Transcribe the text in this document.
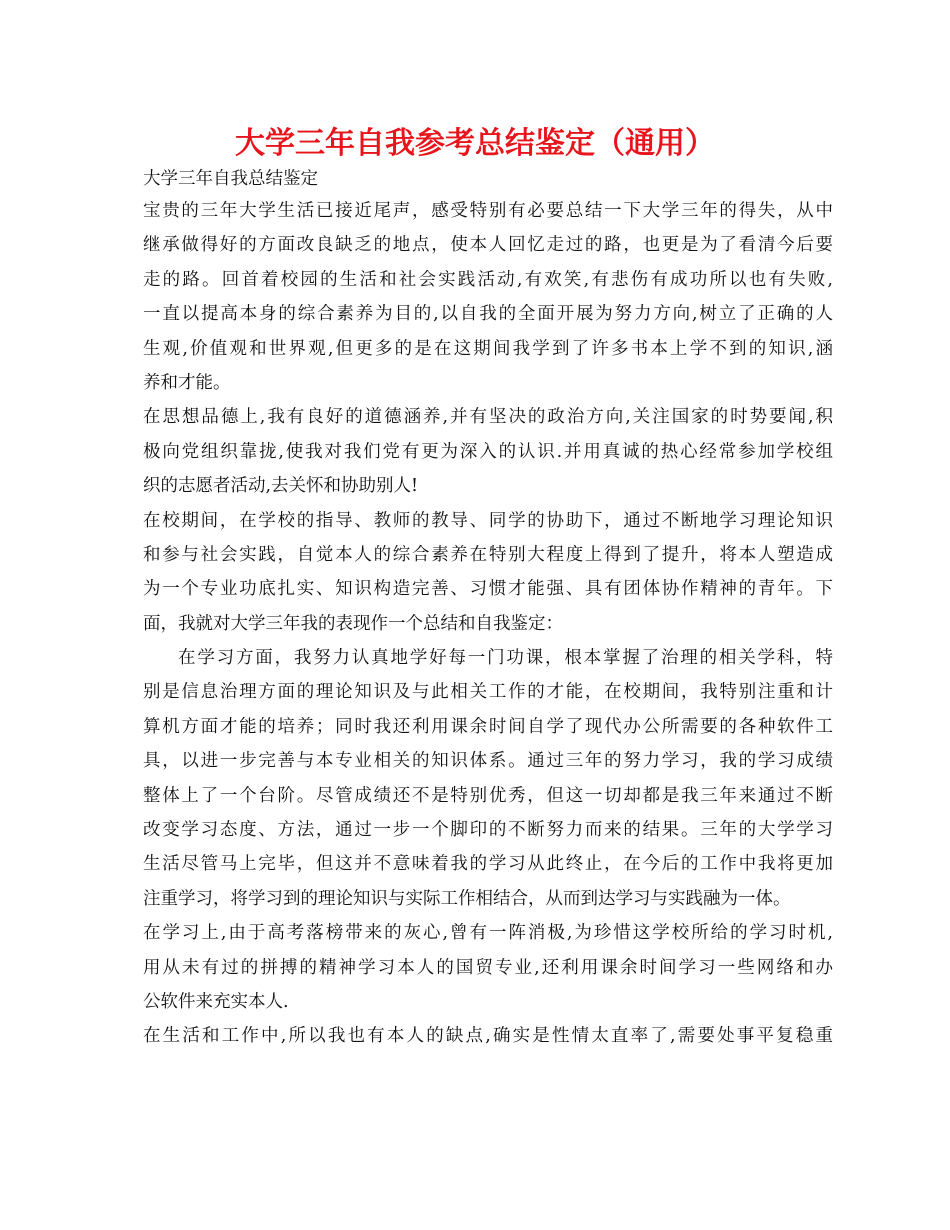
大学三年自我参考总结鉴定（通用）

大学三年自我总结鉴定

宝贵的三年大学生活已接近尾声，感受特别有必要总结一下大学三年的得失，从中
继承做得好的方面改良缺乏的地点，使本人回忆走过的路，也更是为了看清今后要
走的路。回首着校园的生活和社会实践活动,有欢笑,有悲伤有成功所以也有失败,
一直以提高本身的综合素养为目的,以自我的全面开展为努力方向,树立了正确的人
生观,价值观和世界观,但更多的是在这期间我学到了许多书本上学不到的知识,涵
养和才能。
在思想品德上,我有良好的道德涵养,并有坚决的政治方向,关注国家的时势要闻,积
极向党组织靠拢,使我对我们党有更为深入的认识.并用真诚的热心经常参加学校组
织的志愿者活动,去关怀和协助别人!
在校期间，在学校的指导、教师的教导、同学的协助下，通过不断地学习理论知识
和参与社会实践，自觉本人的综合素养在特别大程度上得到了提升，将本人塑造成
为一个专业功底扎实、知识构造完善、习惯才能强、具有团体协作精神的青年。下
面，我就对大学三年我的表现作一个总结和自我鉴定：
在学习方面，我努力认真地学好每一门功课，根本掌握了治理的相关学科，特
别是信息治理方面的理论知识及与此相关工作的才能，在校期间，我特别注重和计
算机方面才能的培养；同时我还利用课余时间自学了现代办公所需要的各种软件工
具，以进一步完善与本专业相关的知识体系。通过三年的努力学习，我的学习成绩
整体上了一个台阶。尽管成绩还不是特别优秀，但这一切却都是我三年来通过不断
改变学习态度、方法，通过一步一个脚印的不断努力而来的结果。三年的大学学习
生活尽管马上完毕，但这并不意味着我的学习从此终止，在今后的工作中我将更加
注重学习，将学习到的理论知识与实际工作相结合，从而到达学习与实践融为一体。
在学习上,由于高考落榜带来的灰心,曾有一阵消极,为珍惜这学校所给的学习时机,
用从未有过的拼搏的精神学习本人的国贸专业,还利用课余时间学习一些网络和办
公软件来充实本人.
在生活和工作中,所以我也有本人的缺点,确实是性情太直率了,需要处事平复稳重
